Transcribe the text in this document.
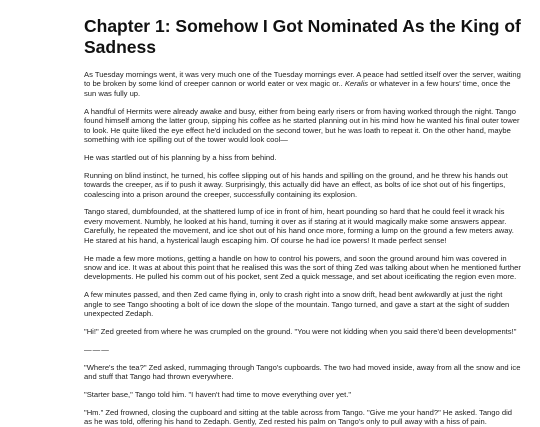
Chapter 1: Somehow I Got Nominated As the King of Sadness

As Tuesday mornings went, it was very much one of the Tuesday mornings ever. A peace had settled itself over the server, waiting to be broken by some kind of creeper cannon or world eater or vex magic or.. Keralis or whatever in a few hours' time, once the sun was fully up.

A handful of Hermits were already awake and busy, either from being early risers or from having worked through the night. Tango found himself among the latter group, sipping his coffee as he started planning out in his mind how he wanted his final outer tower to look. He quite liked the eye effect he'd included on the second tower, but he was loath to repeat it. On the other hand, maybe something with ice spilling out of the tower would look cool—

He was startled out of his planning by a hiss from behind.

Running on blind instinct, he turned, his coffee slipping out of his hands and spilling on the ground, and he threw his hands out towards the creeper, as if to push it away. Surprisingly, this actually did have an effect, as bolts of ice shot out of his fingertips, coalescing into a prison around the creeper, successfully containing its explosion.

Tango stared, dumbfounded, at the shattered lump of ice in front of him, heart pounding so hard that he could feel it wrack his every movement. Numbly, he looked at his hand, turning it over as if staring at it would magically make some answers appear. Carefully, he repeated the movement, and ice shot out of his hand once more, forming a lump on the ground a few meters away. He stared at his hand, a hysterical laugh escaping him. Of course he had ice powers! It made perfect sense!

He made a few more motions, getting a handle on how to control his powers, and soon the ground around him was covered in snow and ice. It was at about this point that he realised this was the sort of thing Zed was talking about when he mentioned further developments. He pulled his comm out of his pocket, sent Zed a quick message, and set about iceificating the region even more.

A few minutes passed, and then Zed came flying in, only to crash right into a snow drift, head bent awkwardly at just the right angle to see Tango shooting a bolt of ice down the slope of the mountain. Tango turned, and gave a start at the sight of sudden unexpected Zedaph.

"Hi!" Zed greeted from where he was crumpled on the ground. "You were not kidding when you said there'd been developments!"

———

"Where's the tea?" Zed asked, rummaging through Tango's cupboards. The two had moved inside, away from all the snow and ice and stuff that Tango had thrown everywhere.

"Starter base," Tango told him. "I haven't had time to move everything over yet."

"Hm." Zed frowned, closing the cupboard and sitting at the table across from Tango. "Give me your hand?" He asked. Tango did as he was told, offering his hand to Zedaph. Gently, Zed rested his palm on Tango's only to pull away with a hiss of pain.
